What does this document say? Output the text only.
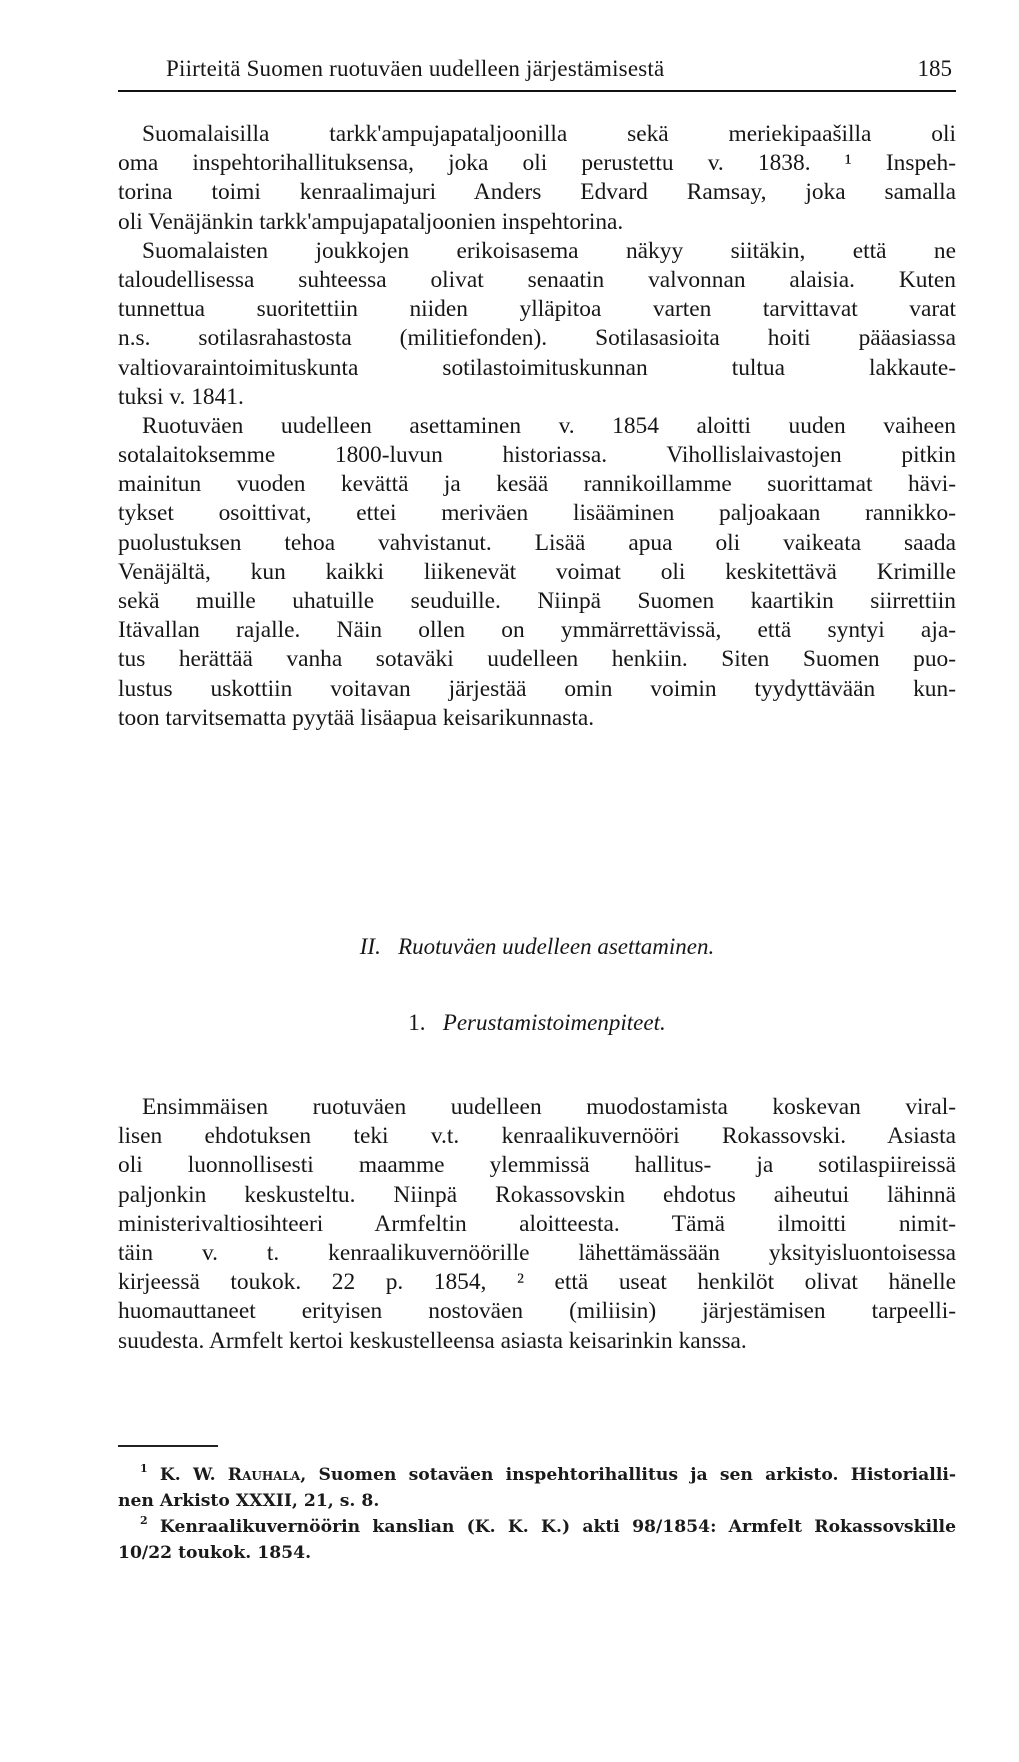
Piirteitä Suomen ruotuväen uudelleen järjestämisestä	185
Suomalaisilla tarkk'ampujapataljoonilla sekä meriekipaašilla oli
oma inspehtorihallituksensa, joka oli perustettu v. 1838. ¹ Inspeh-
torina toimi kenraalimajuri Anders Edvard Ramsay, joka samalla
oli Venäjänkin tarkk'ampujapataljoonien inspehtorina.
Suomalaisten joukkojen erikoisasema näkyy siitäkin, että ne
taloudellisessa suhteessa olivat senaatin valvonnan alaisia. Kuten
tunnettua suoritettiin niiden ylläpitoa varten tarvittavat varat
n.s. sotilasrahastosta (militiefonden). Sotilasasioita hoiti pääasiassa
valtiovaraintoimituskunta sotilastoimituskunnan tultua lakkaute-
tuksi v. 1841.
Ruotuväen uudelleen asettaminen v. 1854 aloitti uuden vaiheen
sotalaitoksemme 1800-luvun historiassa. Vihollislaivastojen pitkin
mainitun vuoden kevättä ja kesää rannikoillamme suorittamat hävi-
tykset osoittivat, ettei meriväen lisääminen paljoakaan rannikko-
puolustuksen tehoa vahvistanut. Lisää apua oli vaikeata saada
Venäjältä, kun kaikki liikenevät voimat oli keskitettävä Krimille
sekä muille uhatuille seuduille. Niinpä Suomen kaartikin siirrettiin
Itävallan rajalle. Näin ollen on ymmärrettävissä, että syntyi aja-
tus herättää vanha sotaväki uudelleen henkiin. Siten Suomen puo-
lustus uskottiin voitavan järjestää omin voimin tyydyttävään kun-
toon tarvitsematta pyytää lisäapua keisarikunnasta.
II. Ruotuväen uudelleen asettaminen.
1. Perustamistoimenpiteet.
Ensimmäisen ruotuväen uudelleen muodostamista koskevan viral-
lisen ehdotuksen teki v.t. kenraalikuvernööri Rokassovski. Asiasta
oli luonnollisesti maamme ylemmissä hallitus- ja sotilaspiireissä
paljonkin keskusteltu. Niinpä Rokassovskin ehdotus aiheutui lähinnä
ministerivaltiosihteeri Armfeltin aloitteesta. Tämä ilmoitti nimit-
täin v. t. kenraalikuvernöörille lähettämässään yksityisluontoisessa
kirjeessä toukok. 22 p. 1854, ² että useat henkilöt olivat hänelle
huomauttaneet erityisen nostoväen (miliisin) järjestämisen tarpeelli-
suudesta. Armfelt kertoi keskustelleensa asiasta keisarinkin kanssa.
$^1$ K. W. Rauhala, Suomen sotaväen inspehtorihallitus ja sen arkisto. Historialli-
nen Arkisto XXXII, 21, s. 8.
$^2$ Kenraalikuvernöörin kanslian (K. K. K.) akti 98/1854: Armfelt Rokassovskille
10/22 toukok. 1854.
